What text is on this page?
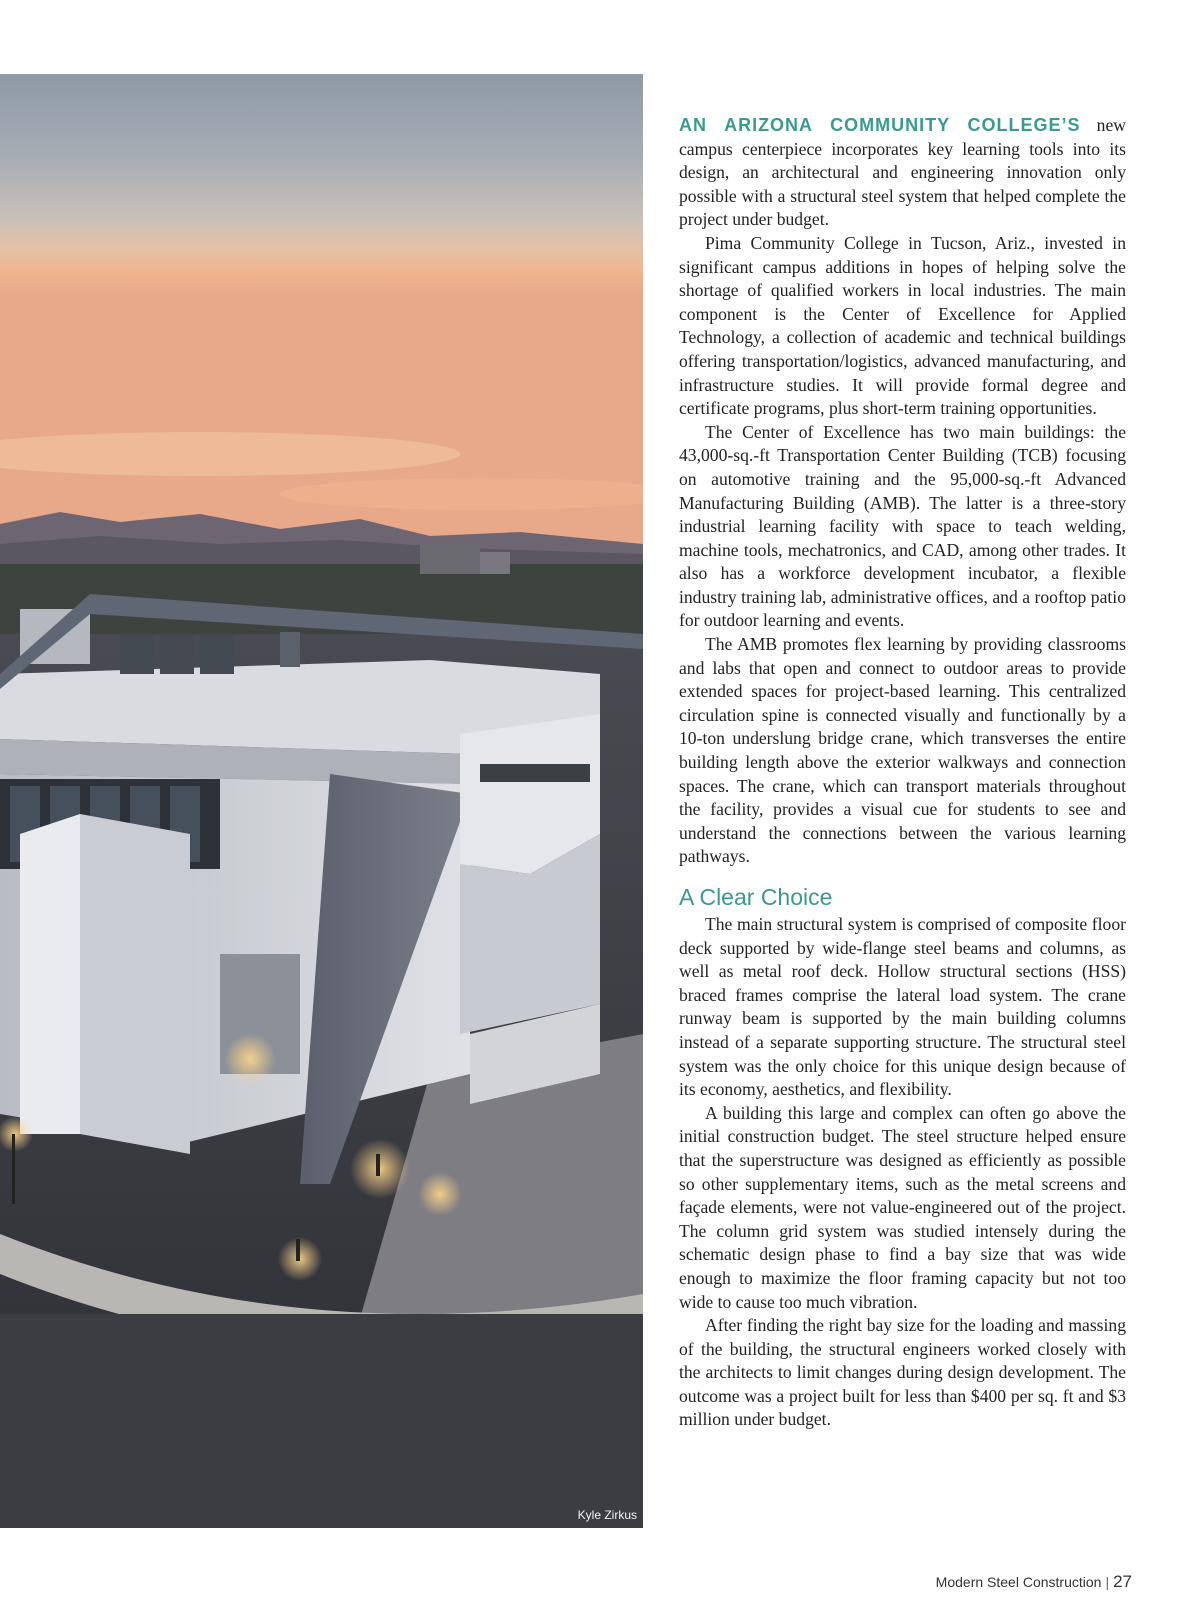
Kyle Zirkus

AN ARIZONA COMMUNITY COLLEGE’S new campus centerpiece incorporates key learning tools into its design, an architectural and engineering innovation only possible with a structural steel system that helped complete the project under budget.

Pima Community College in Tucson, Ariz., invested in significant campus additions in hopes of helping solve the shortage of qualified workers in local industries. The main component is the Center of Excellence for Applied Technology, a collection of academic and technical buildings offering transportation/logistics, advanced manufacturing, and infrastructure studies. It will provide formal degree and certificate programs, plus short-term training opportunities.

The Center of Excellence has two main buildings: the 43,000-sq.-ft Transportation Center Building (TCB) focusing on automotive training and the 95,000-sq.-ft Advanced Manufacturing Building (AMB). The latter is a three-story industrial learning facility with space to teach welding, machine tools, mechatronics, and CAD, among other trades. It also has a workforce development incubator, a flexible industry training lab, administrative offices, and a rooftop patio for outdoor learning and events.

The AMB promotes flex learning by providing classrooms and labs that open and connect to outdoor areas to provide extended spaces for project-based learning. This centralized circulation spine is connected visually and functionally by a 10-ton underslung bridge crane, which transverses the entire building length above the exterior walkways and connection spaces. The crane, which can transport materials throughout the facility, provides a visual cue for students to see and understand the connections between the various learning pathways.

A Clear Choice

The main structural system is comprised of composite floor deck supported by wide-flange steel beams and columns, as well as metal roof deck. Hollow structural sections (HSS) braced frames comprise the lateral load system. The crane runway beam is supported by the main building columns instead of a separate supporting structure. The structural steel system was the only choice for this unique design because of its economy, aesthetics, and flexibility.

A building this large and complex can often go above the initial construction budget. The steel structure helped ensure that the superstructure was designed as efficiently as possible so other supplementary items, such as the metal screens and façade elements, were not value-engineered out of the project. The column grid system was studied intensely during the schematic design phase to find a bay size that was wide enough to maximize the floor framing capacity but not too wide to cause too much vibration.

After finding the right bay size for the loading and massing of the building, the structural engineers worked closely with the architects to limit changes during design development. The outcome was a project built for less than $400 per sq. ft and $3 million under budget.

Modern Steel Construction | 27
